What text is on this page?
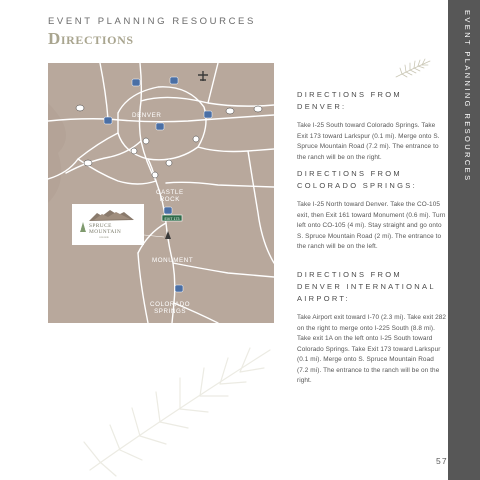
EVENT PLANNING RESOURCES
Directions	EVENT PLANNING RESOURCES
EXIT 173
DENVER
CASTLE
ROCK
MONUMENT
COLORADO
SPRINGS
SPRUCE
MOUNTAIN
colorado
DIRECTIONS FROM DENVER:

Take I-25 South toward Colorado Springs. Take Exit 173 toward Larkspur (0.1 mi). Merge onto S. Spruce Mountain Road (7.2 mi). The entrance to the ranch will be on the right.

DIRECTIONS FROM COLORADO SPRINGS:

Take I-25 North toward Denver. Take the CO-105 exit, then Exit 161 toward Monument (0.6 mi). Turn left onto CO-105 (4 mi). Stay straight and go onto S. Spruce Mountain Road (2 mi). The entrance to the ranch will be on the left.

DIRECTIONS FROM DENVER INTERNATIONAL AIRPORT:

Take Airport exit toward I-70 (2.3 mi). Take exit 282 on the right to merge onto I-225 South (8.8 mi). Take exit 1A on the left onto I-25 South toward Colorado Springs. Take Exit 173 toward Larkspur (0.1 mi). Merge onto S. Spruce Mountain Road (7.2 mi). The entrance to the ranch will be on the right.

57
